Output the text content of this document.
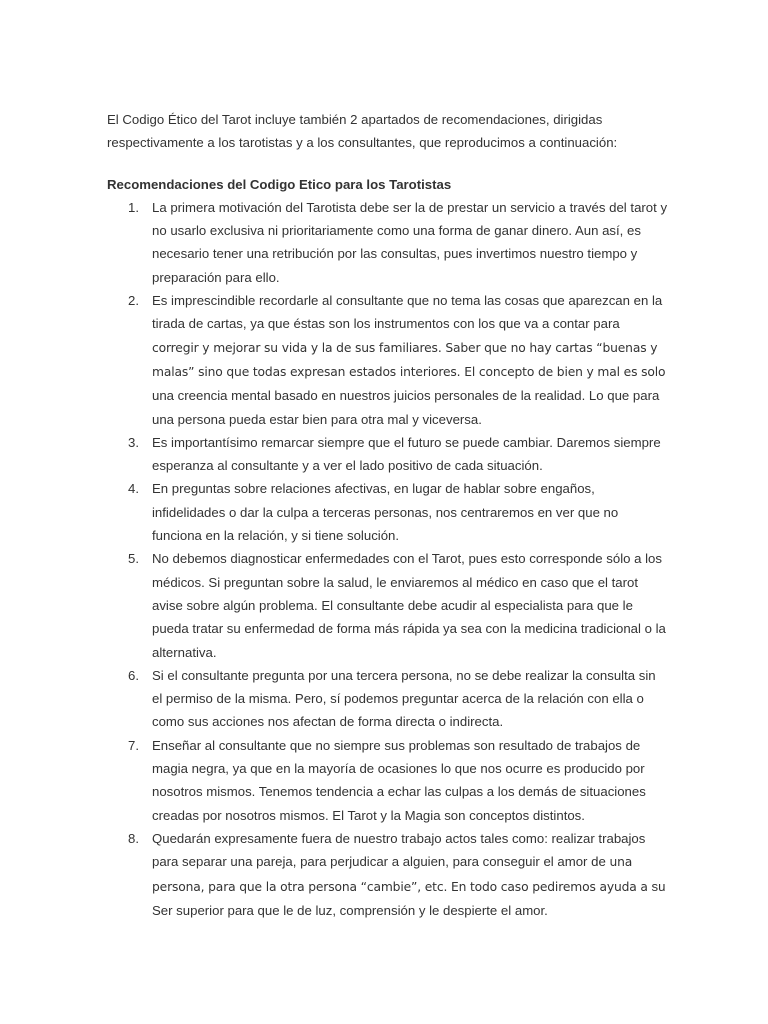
El Codigo Ético del Tarot incluye también 2 apartados de recomendaciones, dirigidas respectivamente a los tarotistas y a los consultantes, que reproducimos a continuación:

Recomendaciones del Codigo Etico para los Tarotistas

1. La primera motivación del Tarotista debe ser la de prestar un servicio a través del tarot y no usarlo exclusiva ni prioritariamente como una forma de ganar dinero. Aun así, es necesario tener una retribución por las consultas, pues invertimos nuestro tiempo y preparación para ello.
2. Es imprescindible recordarle al consultante que no tema las cosas que aparezcan en la tirada de cartas, ya que éstas son los instrumentos con los que va a contar para corregir y mejorar su vida y la de sus familiares. Saber que no hay cartas “buenas y malas” sino que todas expresan estados interiores. El concepto de bien y mal es solo una creencia mental basado en nuestros juicios personales de la realidad. Lo que para una persona pueda estar bien para otra mal y viceversa.
3. Es importantísimo remarcar siempre que el futuro se puede cambiar. Daremos siempre esperanza al consultante y a ver el lado positivo de cada situación.
4. En preguntas sobre relaciones afectivas, en lugar de hablar sobre engaños, infidelidades o dar la culpa a terceras personas, nos centraremos en ver que no funciona en la relación, y si tiene solución.
5. No debemos diagnosticar enfermedades con el Tarot, pues esto corresponde sólo a los médicos. Si preguntan sobre la salud, le enviaremos al médico en caso que el tarot avise sobre algún problema. El consultante debe acudir al especialista para que le pueda tratar su enfermedad de forma más rápida ya sea con la medicina tradicional o la alternativa.
6. Si el consultante pregunta por una tercera persona, no se debe realizar la consulta sin el permiso de la misma. Pero, sí podemos preguntar acerca de la relación con ella o como sus acciones nos afectan de forma directa o indirecta.
7. Enseñar al consultante que no siempre sus problemas son resultado de trabajos de magia negra, ya que en la mayoría de ocasiones lo que nos ocurre es producido por nosotros mismos. Tenemos tendencia a echar las culpas a los demás de situaciones creadas por nosotros mismos. El Tarot y la Magia son conceptos distintos.
8. Quedarán expresamente fuera de nuestro trabajo actos tales como: realizar trabajos para separar una pareja, para perjudicar a alguien, para conseguir el amor de una persona, para que la otra persona “cambie”, etc. En todo caso pediremos ayuda a su Ser superior para que le de luz, comprensión y le despierte el amor.
